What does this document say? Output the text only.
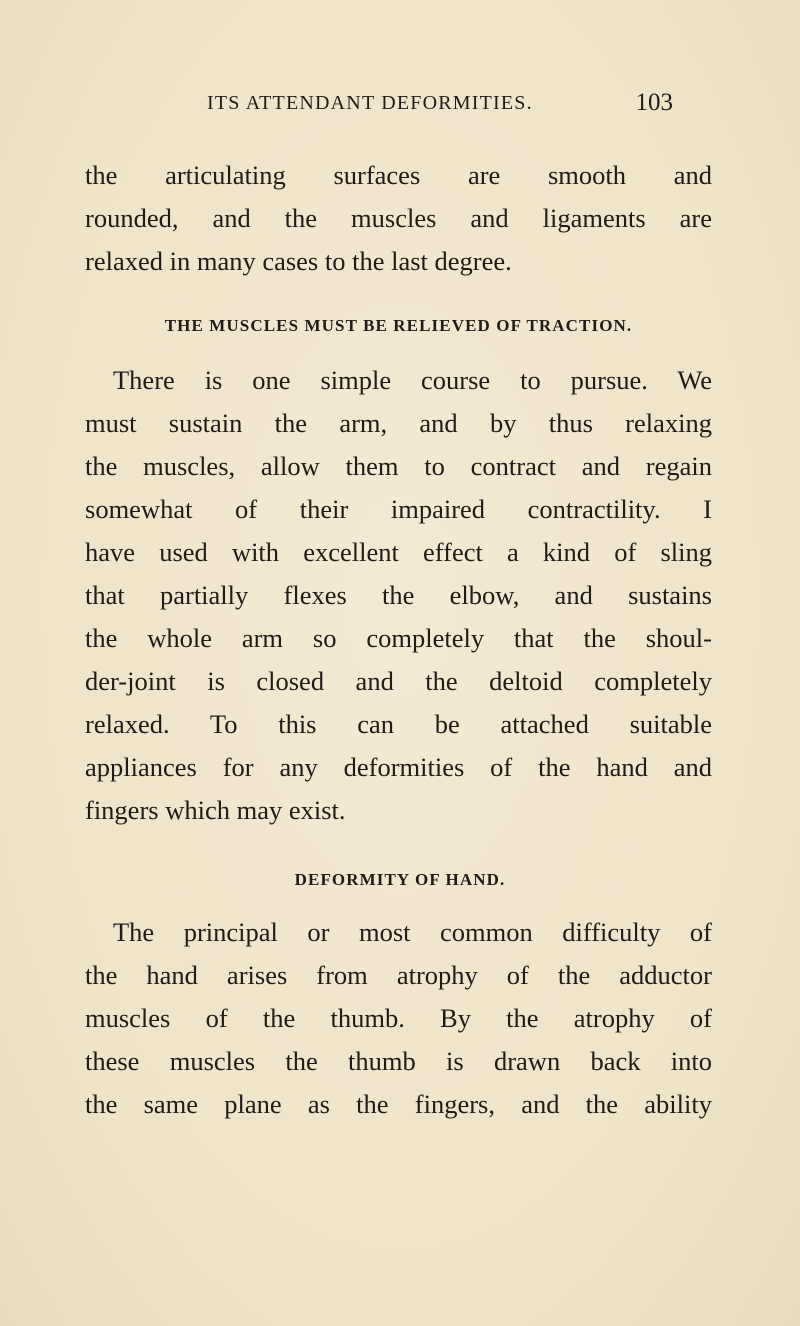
ITS ATTENDANT DEFORMITIES.	103
the articulating surfaces are smooth and
rounded, and the muscles and ligaments are
relaxed in many cases to the last degree.
THE MUSCLES MUST BE RELIEVED OF TRACTION.
There is one simple course to pursue. We
must sustain the arm, and by thus relaxing
the muscles, allow them to contract and regain
somewhat of their impaired contractility. I
have used with excellent effect a kind of sling
that partially flexes the elbow, and sustains
the whole arm so completely that the shoul-
der-joint is closed and the deltoid completely
relaxed. To this can be attached suitable
appliances for any deformities of the hand and
fingers which may exist.
DEFORMITY OF HAND.
The principal or most common difficulty of
the hand arises from atrophy of the adductor
muscles of the thumb. By the atrophy of
these muscles the thumb is drawn back into
the same plane as the fingers, and the ability
